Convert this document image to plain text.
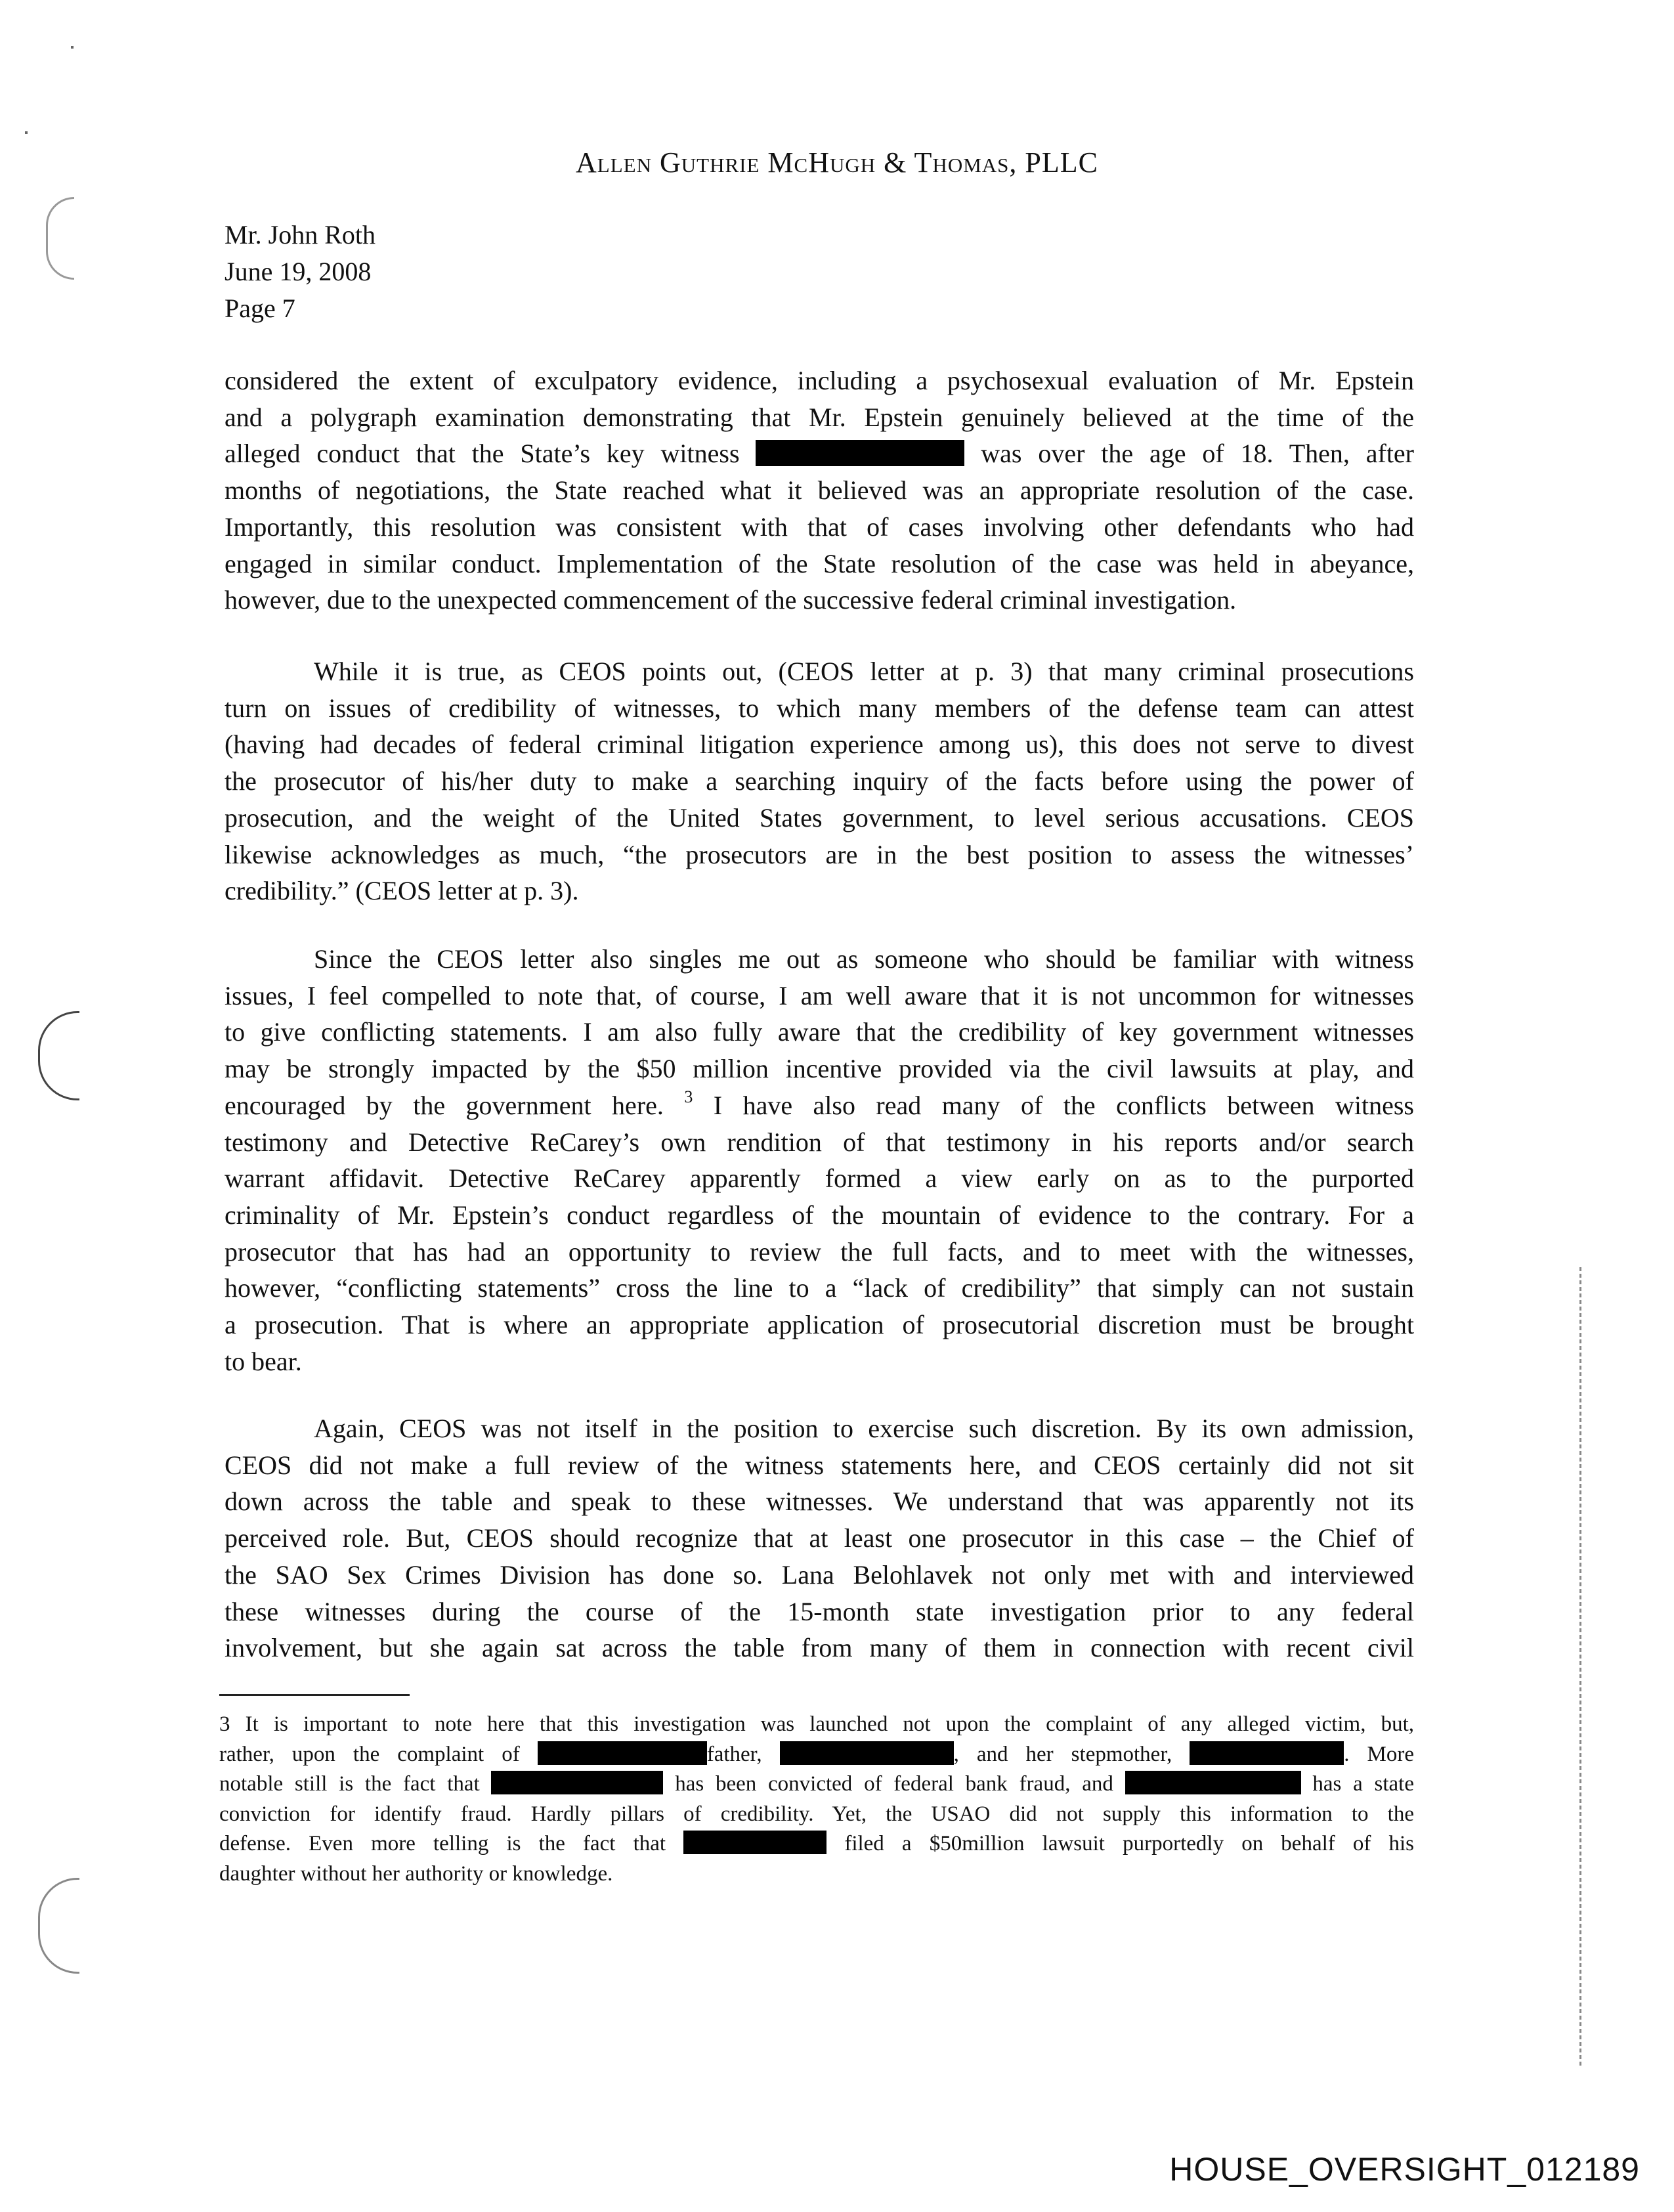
Allen Guthrie McHugh & Thomas, PLLC
Mr. John Roth
June 19, 2008
Page 7
considered the extent of exculpatory evidence, including a psychosexual evaluation of Mr. Epstein
and a polygraph examination demonstrating that Mr. Epstein genuinely believed at the time of the
alleged conduct that the State’s key witness	was over the age of 18. Then, after
months of negotiations, the State reached what it believed was an appropriate resolution of the case.
Importantly, this resolution was consistent with that of cases involving other defendants who had
engaged in similar conduct. Implementation of the State resolution of the case was held in abeyance,
however, due to the unexpected commencement of the successive federal criminal investigation.
While it is true, as CEOS points out, (CEOS letter at p. 3) that many criminal prosecutions
turn on issues of credibility of witnesses, to which many members of the defense team can attest
(having had decades of federal criminal litigation experience among us), this does not serve to divest
the prosecutor of his/her duty to make a searching inquiry of the facts before using the power of
prosecution, and the weight of the United States government, to level serious accusations. CEOS
likewise acknowledges as much, “the prosecutors are in the best position to assess the witnesses’
credibility.” (CEOS letter at p. 3).
Since the CEOS letter also singles me out as someone who should be familiar with witness
issues, I feel compelled to note that, of course, I am well aware that it is not uncommon for witnesses
to give conflicting statements. I am also fully aware that the credibility of key government witnesses
may be strongly impacted by the $50 million incentive provided via the civil lawsuits at play, and
encouraged by the government here. $^3$ I have also read many of the conflicts between witness
testimony and Detective ReCarey’s own rendition of that testimony in his reports and/or search
warrant affidavit. Detective ReCarey apparently formed a view early on as to the purported
criminality of Mr. Epstein’s conduct regardless of the mountain of evidence to the contrary. For a
prosecutor that has had an opportunity to review the full facts, and to meet with the witnesses,
however, “conflicting statements” cross the line to a “lack of credibility” that simply can not sustain
a prosecution. That is where an appropriate application of prosecutorial discretion must be brought
to bear.
Again, CEOS was not itself in the position to exercise such discretion. By its own admission,
CEOS did not make a full review of the witness statements here, and CEOS certainly did not sit
down across the table and speak to these witnesses. We understand that was apparently not its
perceived role. But, CEOS should recognize that at least one prosecutor in this case – the Chief of
the SAO Sex Crimes Division has done so. Lana Belohlavek not only met with and interviewed
these witnesses during the course of the 15-month state investigation prior to any federal
involvement, but she again sat across the table from many of them in connection with recent civil
3 It is important to note here that this investigation was launched not upon the complaint of any alleged victim, but,
rather, upon the complaint of	father,	, and her stepmother,	. More
notable still is the fact that	has been convicted of federal bank fraud, and	has a state
conviction for identify fraud. Hardly pillars of credibility. Yet, the USAO did not supply this information to the
defense. Even more telling is the fact that	filed a $50million lawsuit purportedly on behalf of his
daughter without her authority or knowledge.
HOUSE_OVERSIGHT_012189
